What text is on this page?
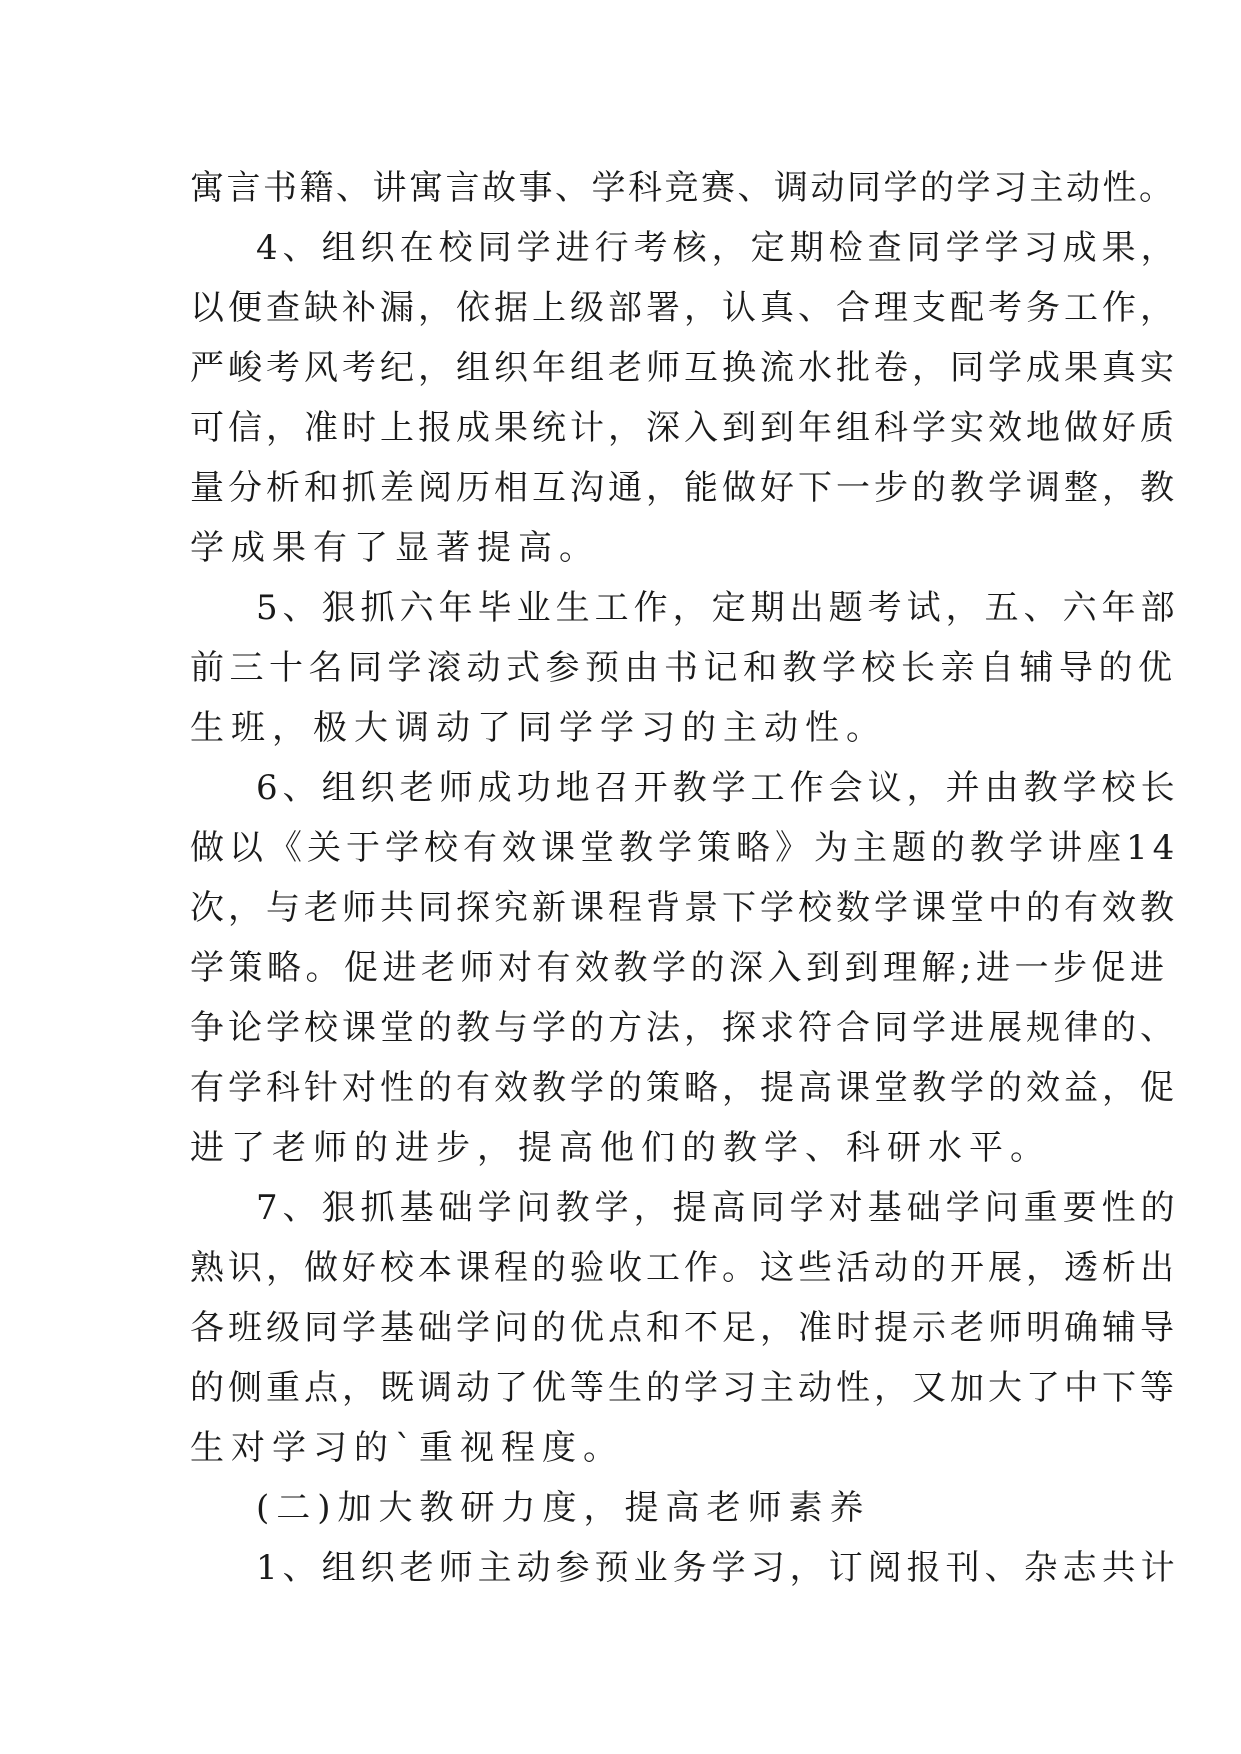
寓言书籍、讲寓言故事、学科竞赛、调动同学的学习主动性。
4、组织在校同学进行考核，定期检查同学学习成果，
以便查缺补漏，依据上级部署，认真、合理支配考务工作，
严峻考风考纪，组织年组老师互换流水批卷，同学成果真实
可信，准时上报成果统计，深入到到年组科学实效地做好质
量分析和抓差阅历相互沟通，能做好下一步的教学调整，教
学成果有了显著提高。
5、狠抓六年毕业生工作，定期出题考试，五、六年部
前三十名同学滚动式参预由书记和教学校长亲自辅导的优
生班，极大调动了同学学习的主动性。
6、组织老师成功地召开教学工作会议，并由教学校长
做以《关于学校有效课堂教学策略》为主题的教学讲座14
次，与老师共同探究新课程背景下学校数学课堂中的有效教
学策略。促进老师对有效教学的深入到到理解;进一步促进
争论学校课堂的教与学的方法，探求符合同学进展规律的、
有学科针对性的有效教学的策略，提高课堂教学的效益，促
进了老师的进步，提高他们的教学、科研水平。
7、狠抓基础学问教学，提高同学对基础学问重要性的
熟识，做好校本课程的验收工作。这些活动的开展，透析出
各班级同学基础学问的优点和不足，准时提示老师明确辅导
的侧重点，既调动了优等生的学习主动性，又加大了中下等
生对学习的`重视程度。
(二)加大教研力度，提高老师素养
1、组织老师主动参预业务学习，订阅报刊、杂志共计
